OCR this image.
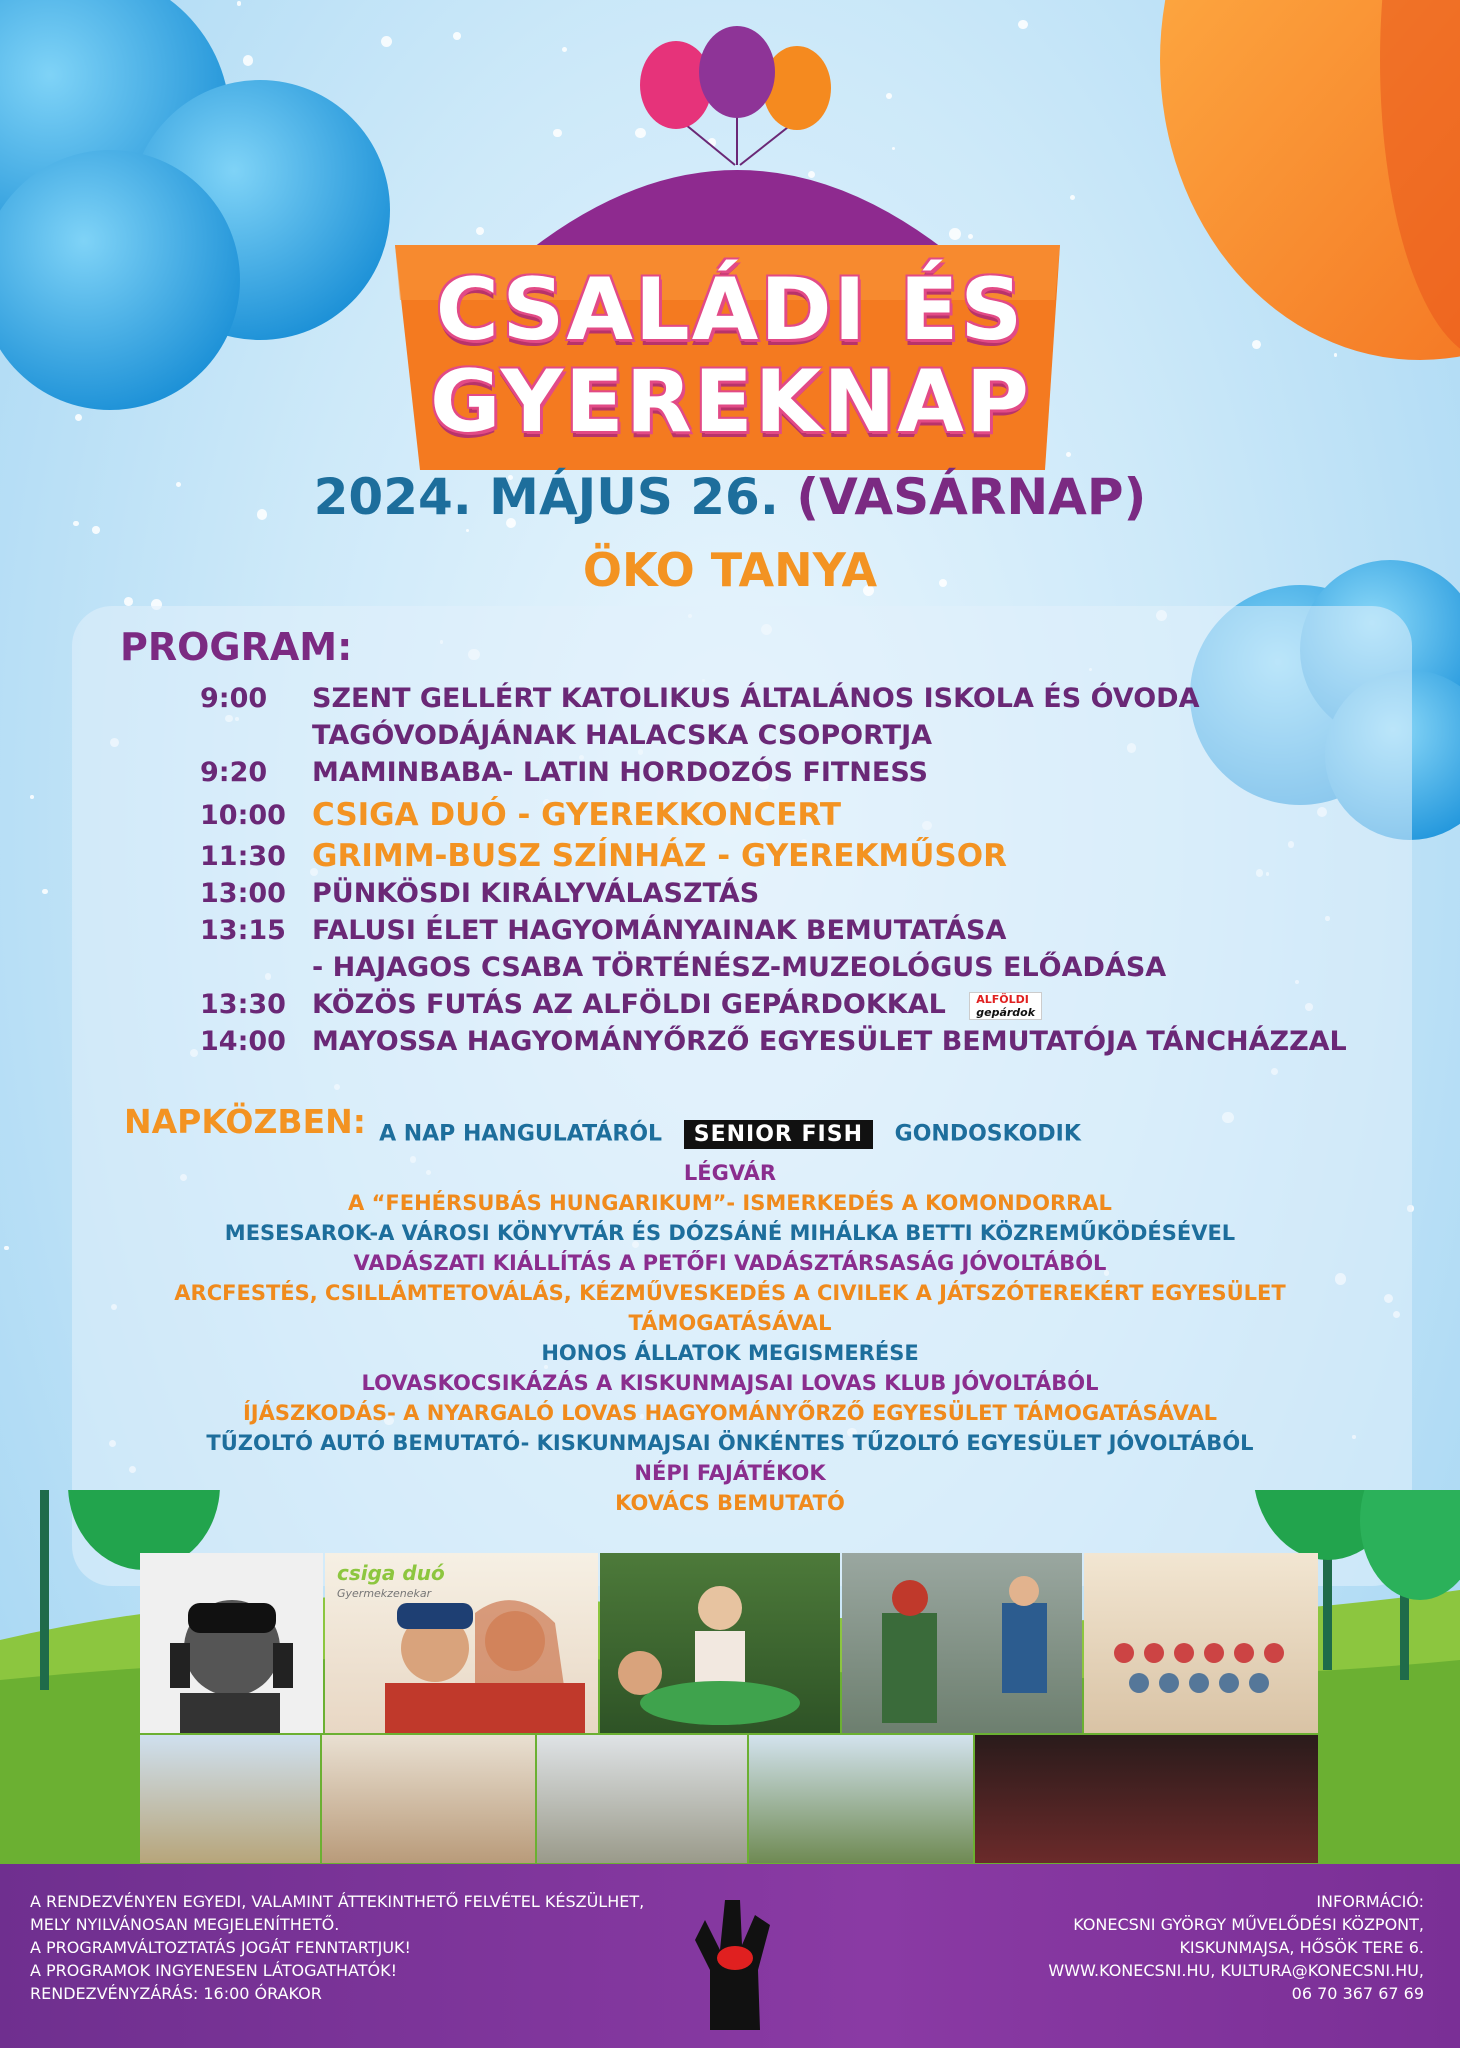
CSALÁDI ÉS
GYEREKNAP
2024. MÁJUS 26. (VASÁRNAP)
ÖKO TANYA
PROGRAM:
9:00	SZENT GELLÉRT KATOLIKUS ÁLTALÁNOS ISKOLA ÉS ÓVODA
TAGÓVODÁJÁNAK HALACSKA CSOPORTJA
9:20	MAMINBABA- LATIN HORDOZÓS FITNESS
10:00 CSIGA DUÓ - GYEREKKONCERT
11:30 GRIMM-BUSZ SZÍNHÁZ - GYEREKMŰSOR
13:00 PÜNKÖSDI KIRÁLYVÁLASZTÁS
13:15 FALUSI ÉLET HAGYOMÁNYAINAK BEMUTATÁSA
- HAJAGOS CSABA TÖRTÉNÉSZ-MUZEOLÓGUS ELŐADÁSA
13:30 KÖZÖS FUTÁS AZ ALFÖLDI GEPÁRDOKKAL	ALFÖLDI
gepárdok
14:00 MAYOSSA HAGYOMÁNYŐRZŐ EGYESÜLET BEMUTATÓJA TÁNCHÁZZAL
NAPKÖZBEN: A NAP HANGULATÁRÓL SENIOR FISH GONDOSKODIK
LÉGVÁR
A “FEHÉRSUBÁS HUNGARIKUM”- ISMERKEDÉS A KOMONDORRAL
MESESAROK-A VÁROSI KÖNYVTÁR ÉS DÓZSÁNÉ MIHÁLKA BETTI KÖZREMŰKÖDÉSÉVEL
VADÁSZATI KIÁLLÍTÁS A PETŐFI VADÁSZTÁRSASÁG JÓVOLTÁBÓL
ARCFESTÉS, CSILLÁMTETOVÁLÁS, KÉZMŰVESKEDÉS A CIVILEK A JÁTSZÓTEREKÉRT EGYESÜLET
TÁMOGATÁSÁVAL
HONOS ÁLLATOK MEGISMERÉSE
LOVASKOCSIKÁZÁS A KISKUNMAJSAI LOVAS KLUB JÓVOLTÁBÓL
ÍJÁSZKODÁS- A NYARGALÓ LOVAS HAGYOMÁNYŐRZŐ EGYESÜLET TÁMOGATÁSÁVAL
TŰZOLTÓ AUTÓ BEMUTATÓ- KISKUNMAJSAI ÖNKÉNTES TŰZOLTÓ EGYESÜLET JÓVOLTÁBÓL
NÉPI FAJÁTÉKOK
KOVÁCS BEMUTATÓ
csiga duó
Gyermekzenekar
A RENDEZVÉNYEN EGYEDI, VALAMINT ÁTTEKINTHETŐ FELVÉTEL KÉSZÜLHET,
MELY NYILVÁNOSAN MEGJELENÍTHETŐ.
A PROGRAMVÁLTOZTATÁS JOGÁT FENNTARTJUK!
A PROGRAMOK INGYENESEN LÁTOGATHATÓK!
RENDEZVÉNYZÁRÁS: 16:00 ÓRAKOR
INFORMÁCIÓ:
KONECSNI GYÖRGY MŰVELŐDÉSI KÖZPONT,
KISKUNMAJSA, HŐSÖK TERE 6.
WWW.KONECSNI.HU, KULTURA@KONECSNI.HU,
06 70 367 67 69
